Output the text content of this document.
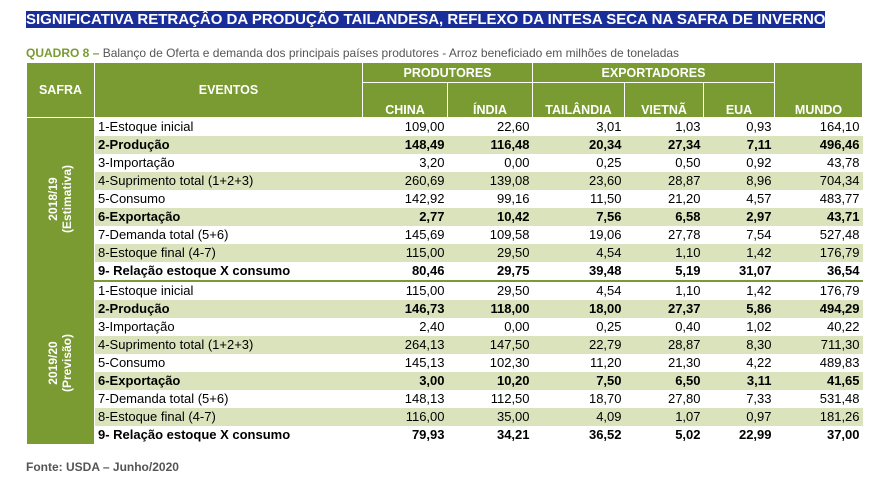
SIGNIFICATIVA RETRAÇÂO DA PRODUÇÃO TAILANDESA, REFLEXO DA INTESA SECA NA SAFRA DE INVERNO
QUADRO 8 – Balanço de Oferta e demanda dos principais países produtores - Arroz beneficiado em milhões de toneladas
SAFRA	EVENTOS	PRODUTORES		EXPORTADORES			MUNDO
		CHINA	ÍNDIA	TAILÂNDIA	VIETNÃ	EUA	

2018/19 (Estimativa)	1-Estoque inicial	109,00	22,60	3,01	1,03	0,93	164,10
	2-Produção	148,49	116,48	20,34	27,34	7,11	496,46
	3-Importação	3,20	0,00	0,25	0,50	0,92	43,78
	4-Suprimento total (1+2+3)	260,69	139,08	23,60	28,87	8,96	704,34
	5-Consumo	142,92	99,16	11,50	21,20	4,57	483,77
	6-Exportação	2,77	10,42	7,56	6,58	2,97	43,71
	7-Demanda total (5+6)	145,69	109,58	19,06	27,78	7,54	527,48
	8-Estoque final (4-7)	115,00	29,50	4,54	1,10	1,42	176,79
	9- Relação estoque X consumo	80,46	29,75	39,48	5,19	31,07	36,54

2019/20 (Previsão)	1-Estoque inicial	115,00	29,50	4,54	1,10	1,42	176,79
	2-Produção	146,73	118,00	18,00	27,37	5,86	494,29
	3-Importação	2,40	0,00	0,25	0,40	1,02	40,22
	4-Suprimento total (1+2+3)	264,13	147,50	22,79	28,87	8,30	711,30
	5-Consumo	145,13	102,30	11,20	21,30	4,22	489,83
	6-Exportação	3,00	10,20	7,50	6,50	3,11	41,65
	7-Demanda total (5+6)	148,13	112,50	18,70	27,80	7,33	531,48
	8-Estoque final (4-7)	116,00	35,00	4,09	1,07	0,97	181,26
	9- Relação estoque X consumo	79,93	34,21	36,52	5,02	22,99	37,00
Fonte: USDA – Junho/2020
